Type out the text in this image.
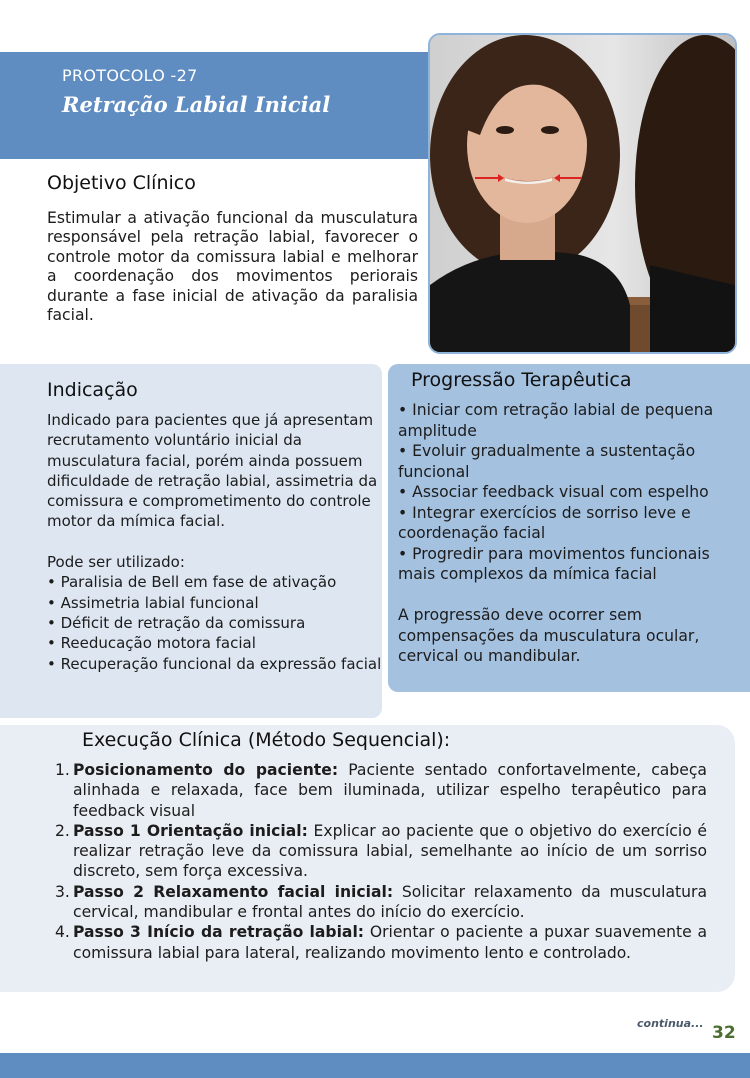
PROTOCOLO -27
Retração Labial Inicial
Objetivo Clínico

Estimular a ativação funcional da musculatura responsável pela retração labial, favorecer o controle motor da comissura labial e melhorar a coordenação dos movimentos periorais durante a fase inicial de ativação da paralisia facial.

Indicação

Indicado para pacientes que já apresentam recrutamento voluntário inicial da musculatura facial, porém ainda possuem dificuldade de retração labial, assimetria da comissura e comprometimento do controle motor da mímica facial.

Pode ser utilizado:

• Paralisia de Bell em fase de ativação
• Assimetria labial funcional
• Déficit de retração da comissura
• Reeducação motora facial
• Recuperação funcional da expressão facial
Progressão Terapêutica
• Iniciar com retração labial de pequena amplitude
• Evoluir gradualmente a sustentação funcional
• Associar feedback visual com espelho
• Integrar exercícios de sorriso leve e coordenação facial
• Progredir para movimentos funcionais mais complexos da mímica facial

A progressão deve ocorrer sem compensações da musculatura ocular, cervical ou mandibular.

Execução Clínica (Método Sequencial):
1. Posicionamento do paciente: Paciente sentado confortavelmente, cabeça alinhada e relaxada, face bem iluminada, utilizar espelho terapêutico para feedback visual
2. Passo 1 Orientação inicial: Explicar ao paciente que o objetivo do exercício é realizar retração leve da comissura labial, semelhante ao início de um sorriso discreto, sem força excessiva.
3. Passo 2 Relaxamento facial inicial: Solicitar relaxamento da musculatura cervical, mandibular e frontal antes do início do exercício.
4. Passo 3 Início da retração labial: Orientar o paciente a puxar suavemente a comissura labial para lateral, realizando movimento lento e controlado.
continua... 32
